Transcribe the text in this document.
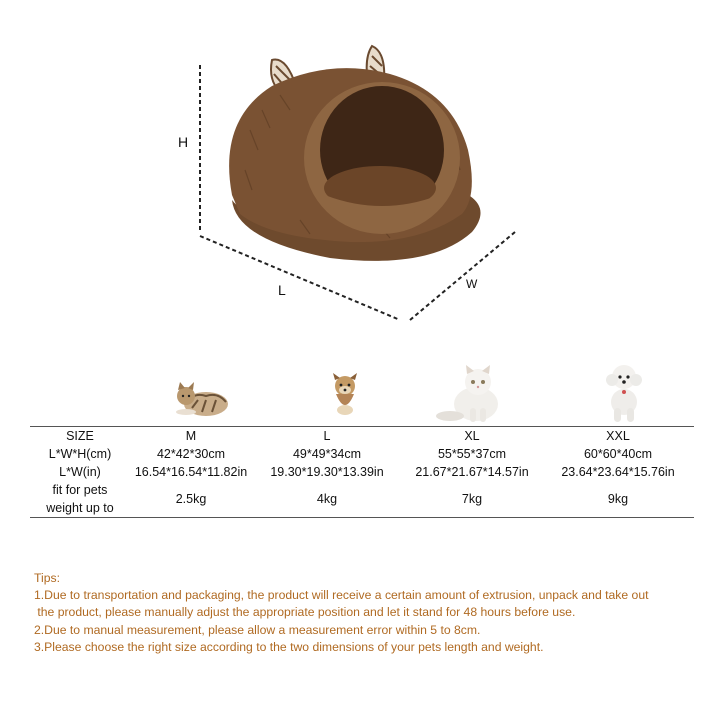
H
L	W
SIZE	M	L	XL	XXL
L*W*H(cm)	42*42*30cm	49*49*34cm	55*55*37cm	60*60*40cm
L*W(in)	16.54*16.54*11.82in	19.30*19.30*13.39in	21.67*21.67*14.57in	23.64*23.64*15.76in

fit for pets
weight up to	2.5kg	4kg	7kg	9kg
Tips:
1.Due to transportation and packaging, the product will receive a certain amount of extrusion, unpack and take out
the product, please manually adjust the appropriate position and let it stand for 48 hours before use.
2.Due to manual measurement, please allow a measurement error within 5 to 8cm.
3.Please choose the right size according to the two dimensions of your pets length and weight.
